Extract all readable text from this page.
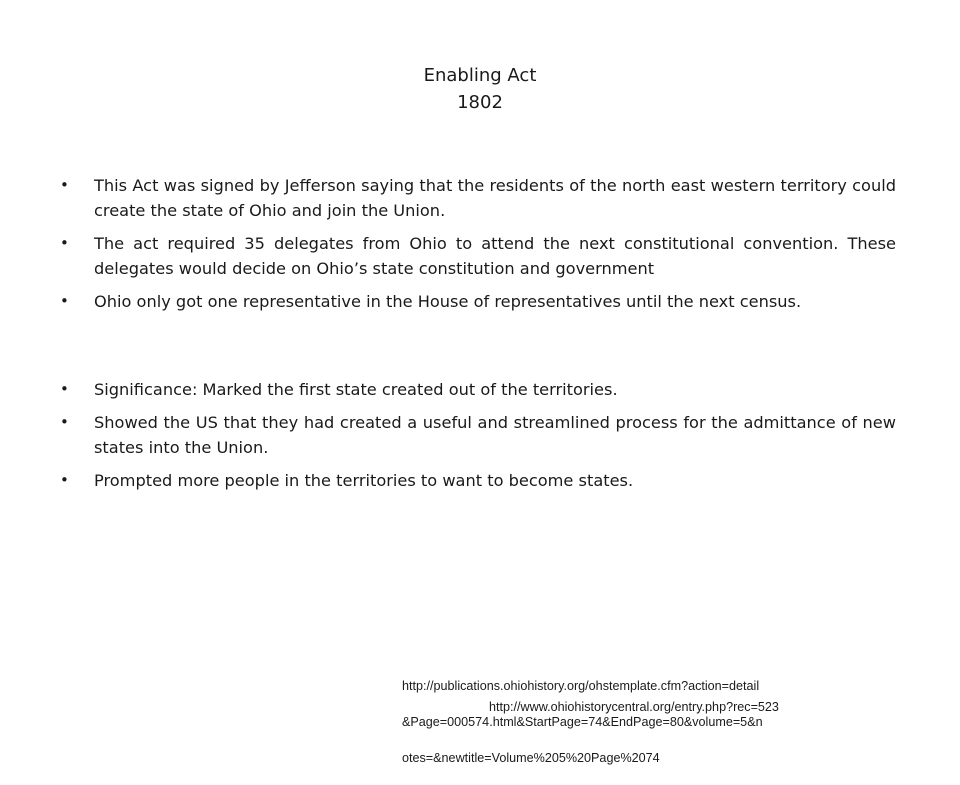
Enabling Act
1802
• This Act was signed by Jefferson saying that the residents of the north east western territory could create the state of Ohio and join the Union.
• The act required 35 delegates from Ohio to attend the next constitutional convention. These delegates would decide on Ohio’s state constitution and government
• Ohio only got one representative in the House of representatives until the next census.
• Significance: Marked the first state created out of the territories.
• Showed the US that they had created a useful and streamlined process for the admittance of new states into the Union.
• Prompted more people in the territories to want to become states.

http://publications.ohiohistory.org/ohstemplate.cfm?action=detail

&Page=000574.html&StartPage=74&EndPage=80&volume=5&n

otes=&newtitle=Volume%205%20Page%2074

http://www.ohiohistorycentral.org/entry.php?rec=523
